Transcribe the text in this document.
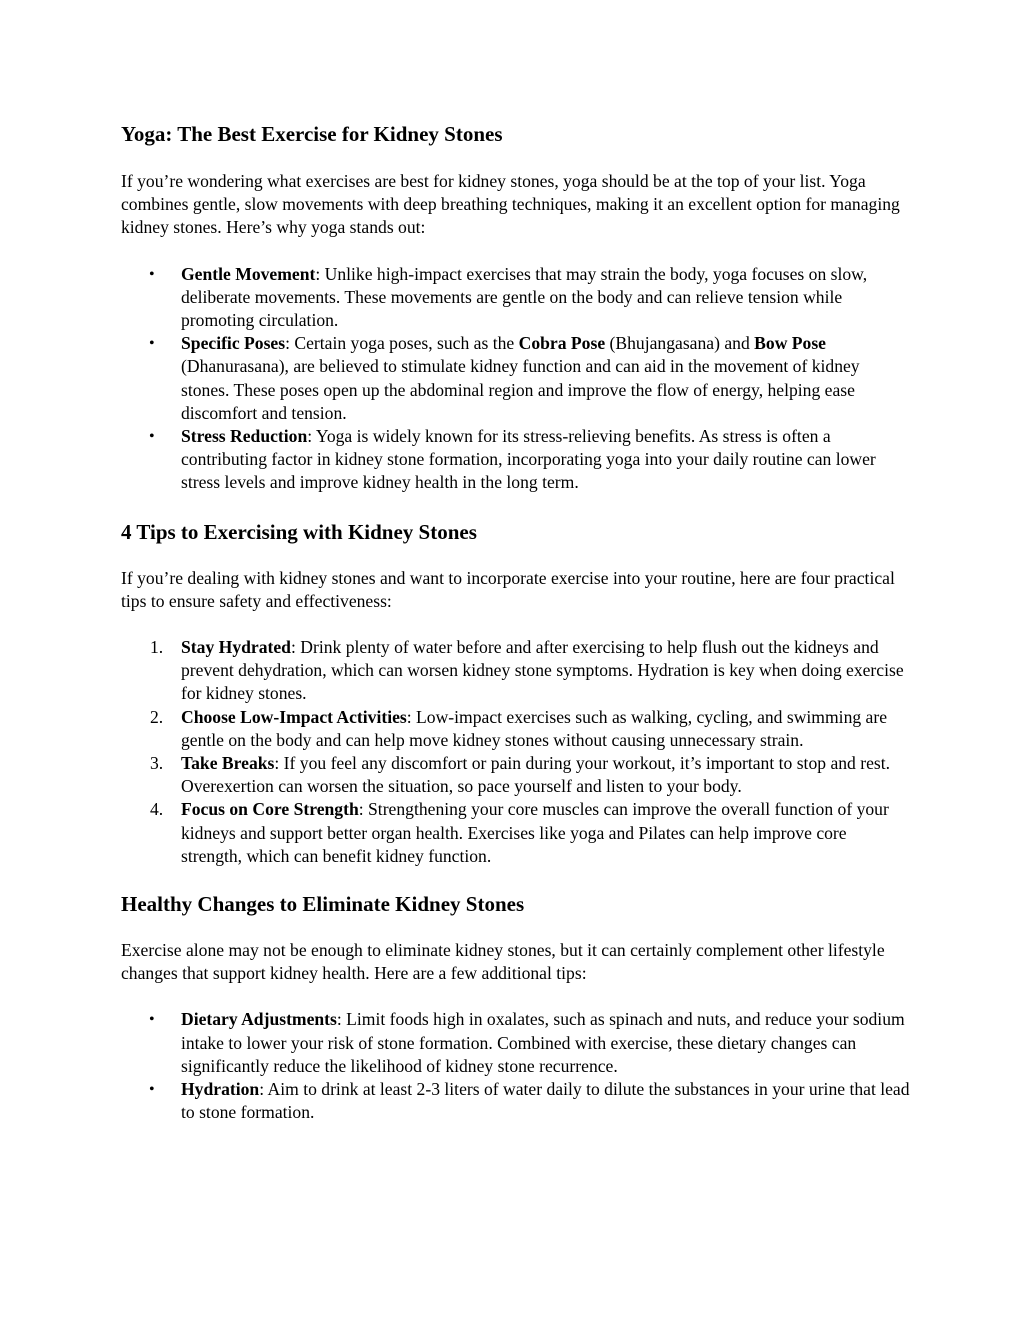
Yoga: The Best Exercise for Kidney Stones

If you’re wondering what exercises are best for kidney stones, yoga should be at the top of your list. Yoga combines gentle, slow movements with deep breathing techniques, making it an excellent option for managing kidney stones. Here’s why yoga stands out:

•	Gentle Movement: Unlike high-impact exercises that may strain the body, yoga focuses on slow, deliberate movements. These movements are gentle on the body and can relieve tension while promoting circulation.
•	Specific Poses: Certain yoga poses, such as the Cobra Pose (Bhujangasana) and Bow Pose (Dhanurasana), are believed to stimulate kidney function and can aid in the movement of kidney stones. These poses open up the abdominal region and improve the flow of energy, helping ease discomfort and tension.
•	Stress Reduction: Yoga is widely known for its stress-relieving benefits. As stress is often a contributing factor in kidney stone formation, incorporating yoga into your daily routine can lower stress levels and improve kidney health in the long term.
4 Tips to Exercising with Kidney Stones

If you’re dealing with kidney stones and want to incorporate exercise into your routine, here are four practical tips to ensure safety and effectiveness:

1.	Stay Hydrated: Drink plenty of water before and after exercising to help flush out the kidneys and prevent dehydration, which can worsen kidney stone symptoms. Hydration is key when doing exercise for kidney stones.
2.	Choose Low-Impact Activities: Low-impact exercises such as walking, cycling, and swimming are gentle on the body and can help move kidney stones without causing unnecessary strain.
3.	Take Breaks: If you feel any discomfort or pain during your workout, it’s important to stop and rest. Overexertion can worsen the situation, so pace yourself and listen to your body.
4.	Focus on Core Strength: Strengthening your core muscles can improve the overall function of your kidneys and support better organ health. Exercises like yoga and Pilates can help improve core strength, which can benefit kidney function.
Healthy Changes to Eliminate Kidney Stones

Exercise alone may not be enough to eliminate kidney stones, but it can certainly complement other lifestyle changes that support kidney health. Here are a few additional tips:

•	Dietary Adjustments: Limit foods high in oxalates, such as spinach and nuts, and reduce your sodium intake to lower your risk of stone formation. Combined with exercise, these dietary changes can significantly reduce the likelihood of kidney stone recurrence.
•	Hydration: Aim to drink at least 2-3 liters of water daily to dilute the substances in your urine that lead to stone formation.
